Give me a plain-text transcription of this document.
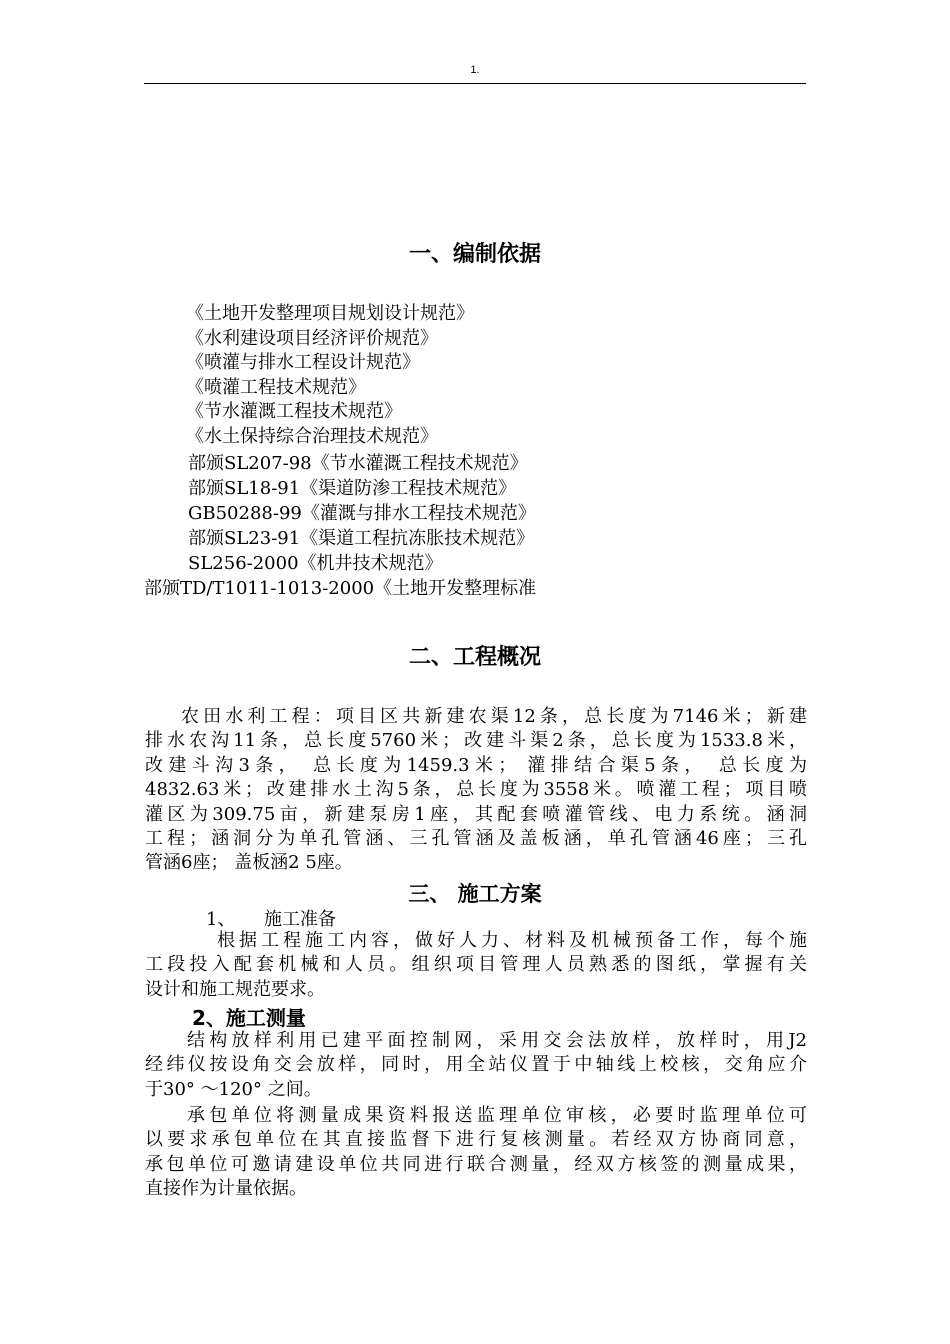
1.
一、编制依据
《土地开发整理项目规划设计规范》
《水利建设项目经济评价规范》
《喷灌与排水工程设计规范》
《喷灌工程技术规范》
《节水灌溉工程技术规范》
《水土保持综合治理技术规范》
部颁SL207-98《节水灌溉工程技术规范》
部颁SL18-91《渠道防渗工程技术规范》
GB50288-99《灌溉与排水工程技术规范》
部颁SL23-91《渠道工程抗冻胀技术规范》
SL256-2000《机井技术规范》
部颁TD/T1011-1013-2000《土地开发整理标准
二、工程概况
农田水利工程：项目区共新建农渠12条，总长度为7146米；新建
排水农沟11条，总长度5760米；改建斗渠2条，总长度为1533.8米，
改建斗沟3条， 总长度为1459.3米； 灌排结合渠5条， 总长度为
4832.63米；改建排水土沟5条，总长度为3558米。喷灌工程；项目喷
灌区为309.75亩，新建泵房1座，其配套喷灌管线、电力系统。涵洞
工程；涵洞分为单孔管涵、三孔管涵及盖板涵，单孔管涵46座；三孔
管涵6座； 盖板涵2 5座。
三、 施工方案
1、 施工准备
根据工程施工内容，做好人力、材料及机械预备工作，每个施
工段投入配套机械和人员。组织项目管理人员熟悉的图纸，掌握有关
设计和施工规范要求。
2、施工测量
结构放样利用已建平面控制网，采用交会法放样，放样时，用J2
经纬仪按设角交会放样，同时，用全站仪置于中轴线上校核，交角应介
于30° ～120° 之间。
承包单位将测量成果资料报送监理单位审核，必要时监理单位可
以要求承包单位在其直接监督下进行复核测量。若经双方协商同意，
承包单位可邀请建设单位共同进行联合测量，经双方核签的测量成果，
直接作为计量依据。
